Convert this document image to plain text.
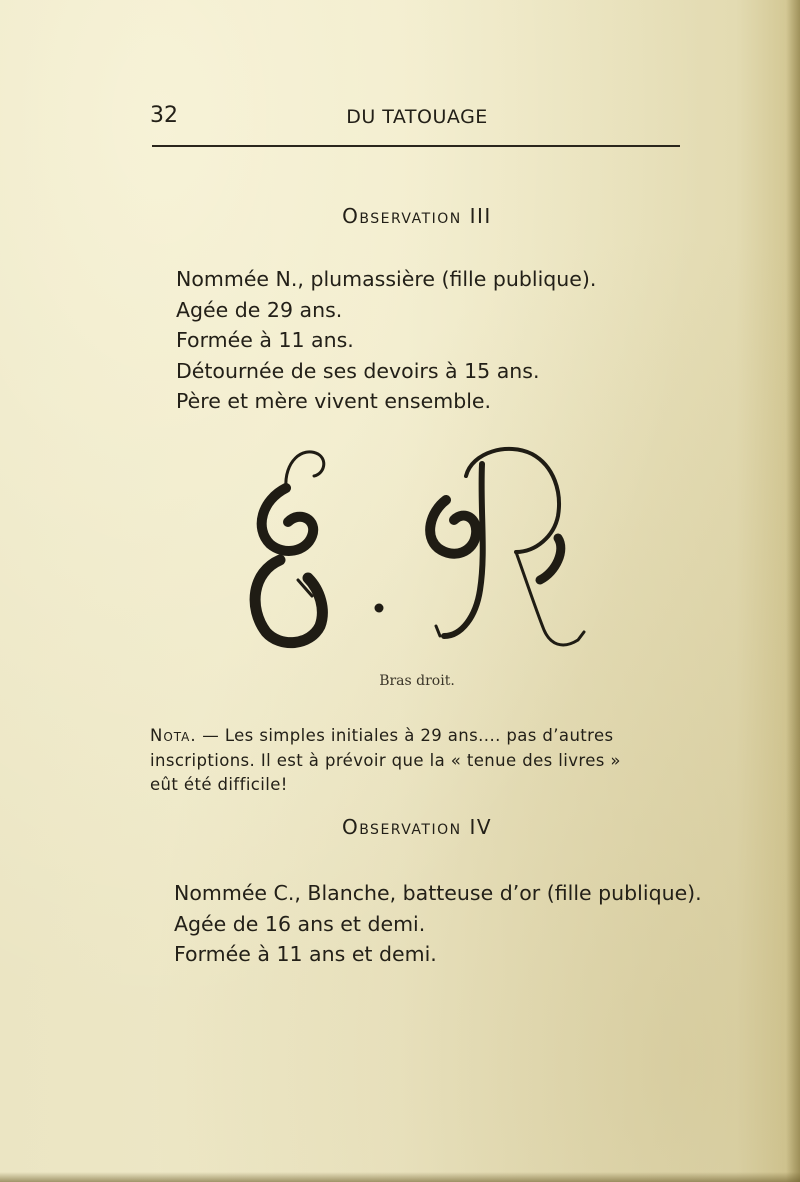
32	DU TATOUAGE

Observation III
Nommée N., plumassière (fille publique).
Agée de 29 ans.
Formée à 11 ans.
Détournée de ses devoirs à 15 ans.
Père et mère vivent ensemble.

Bras droit.

Nota. — Les simples initiales à 29 ans.... pas d’autres
inscriptions. Il est à prévoir que la « tenue des livres »
eût été difficile!

Observation IV
Nommée C., Blanche, batteuse d’or (fille publique).
Agée de 16 ans et demi.
Formée à 11 ans et demi.
